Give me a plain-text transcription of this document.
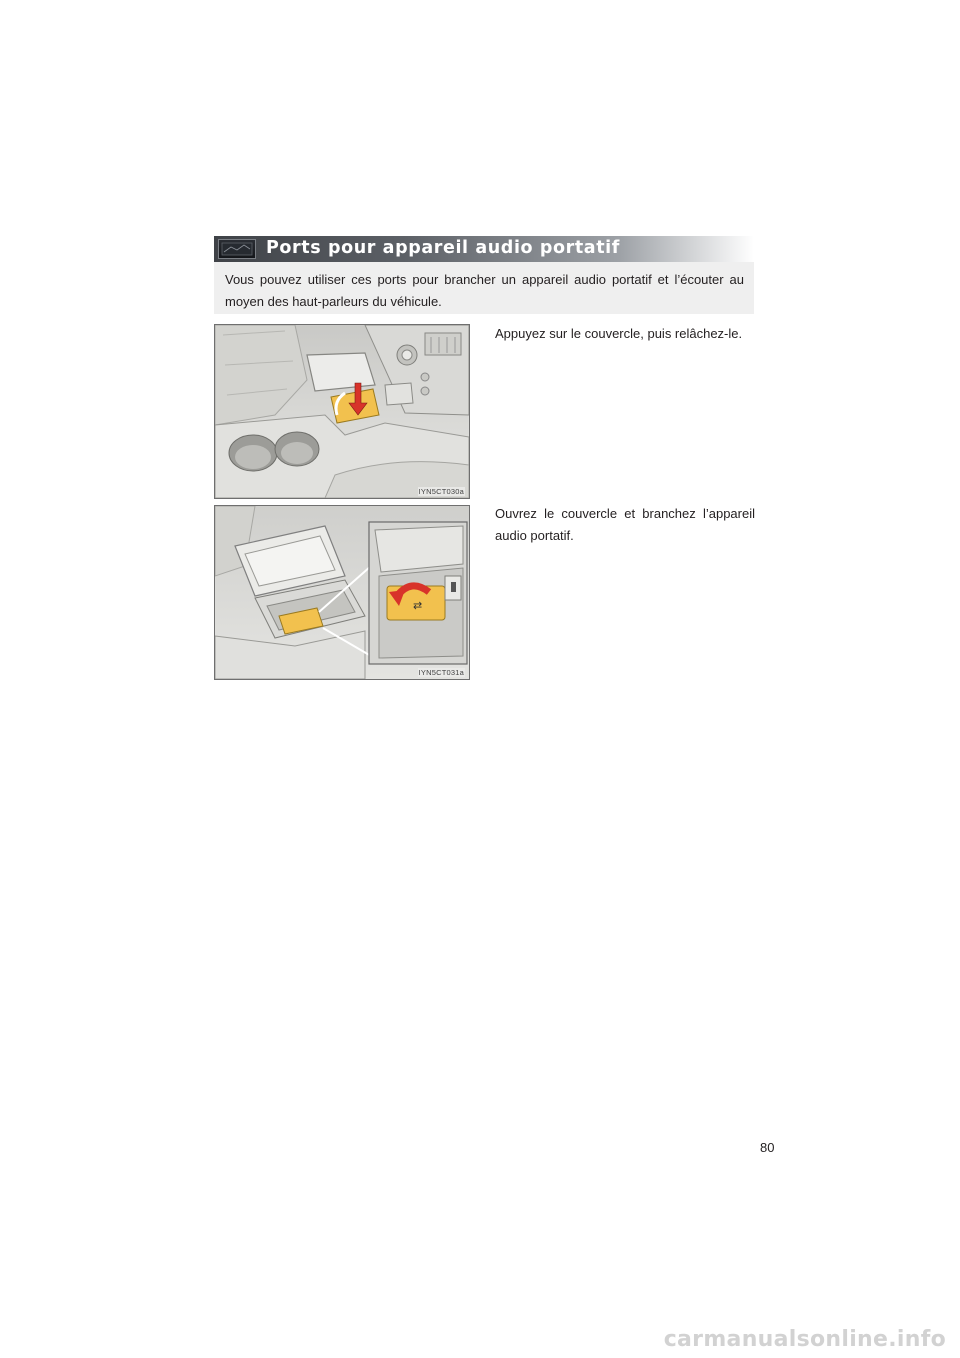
Ports pour appareil audio portatif
Vous pouvez utiliser ces ports pour brancher un appareil audio portatif et l’écouter au moyen des haut-parleurs du véhicule.
IYN5CT030a
Appuyez sur le couvercle, puis relâchez-le.
⇄
IYN5CT031a
Ouvrez le couvercle et branchez l’appareil audio portatif.
80
carmanualsonline.info
